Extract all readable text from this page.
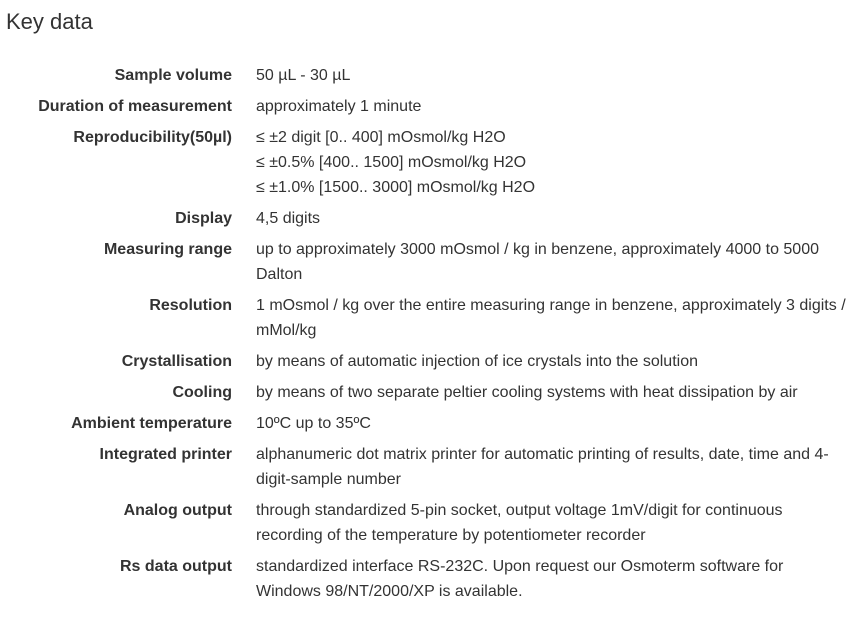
Key data
Sample volume	50 µL - 30 µL
Duration of measurement	approximately 1 minute
Reproducibility(50µl)	≤ ±2 digit [0.. 400] mOsmol/kg H2O
≤ ±0.5% [400.. 1500] mOsmol/kg H2O
≤ ±1.0% [1500.. 3000] mOsmol/kg H2O

Display	4,5 digits
Measuring range	up to approximately 3000 mOsmol / kg in benzene, approximately 4000 to 5000 Dalton
Resolution	1 mOsmol / kg over the entire measuring range in benzene, approximately 3 digits / mMol/kg
Crystallisation	by means of automatic injection of ice crystals into the solution
Cooling	by means of two separate peltier cooling systems with heat dissipation by air
Ambient temperature	10ºC up to 35ºC
Integrated printer	alphanumeric dot matrix printer for automatic printing of results, date, time and 4-digit-sample number
Analog output	through standardized 5-pin socket, output voltage 1mV/digit for continuous recording of the temperature by potentiometer recorder
Rs data output	standardized interface RS-232C. Upon request our Osmoterm software for Windows 98/NT/2000/XP is available.
